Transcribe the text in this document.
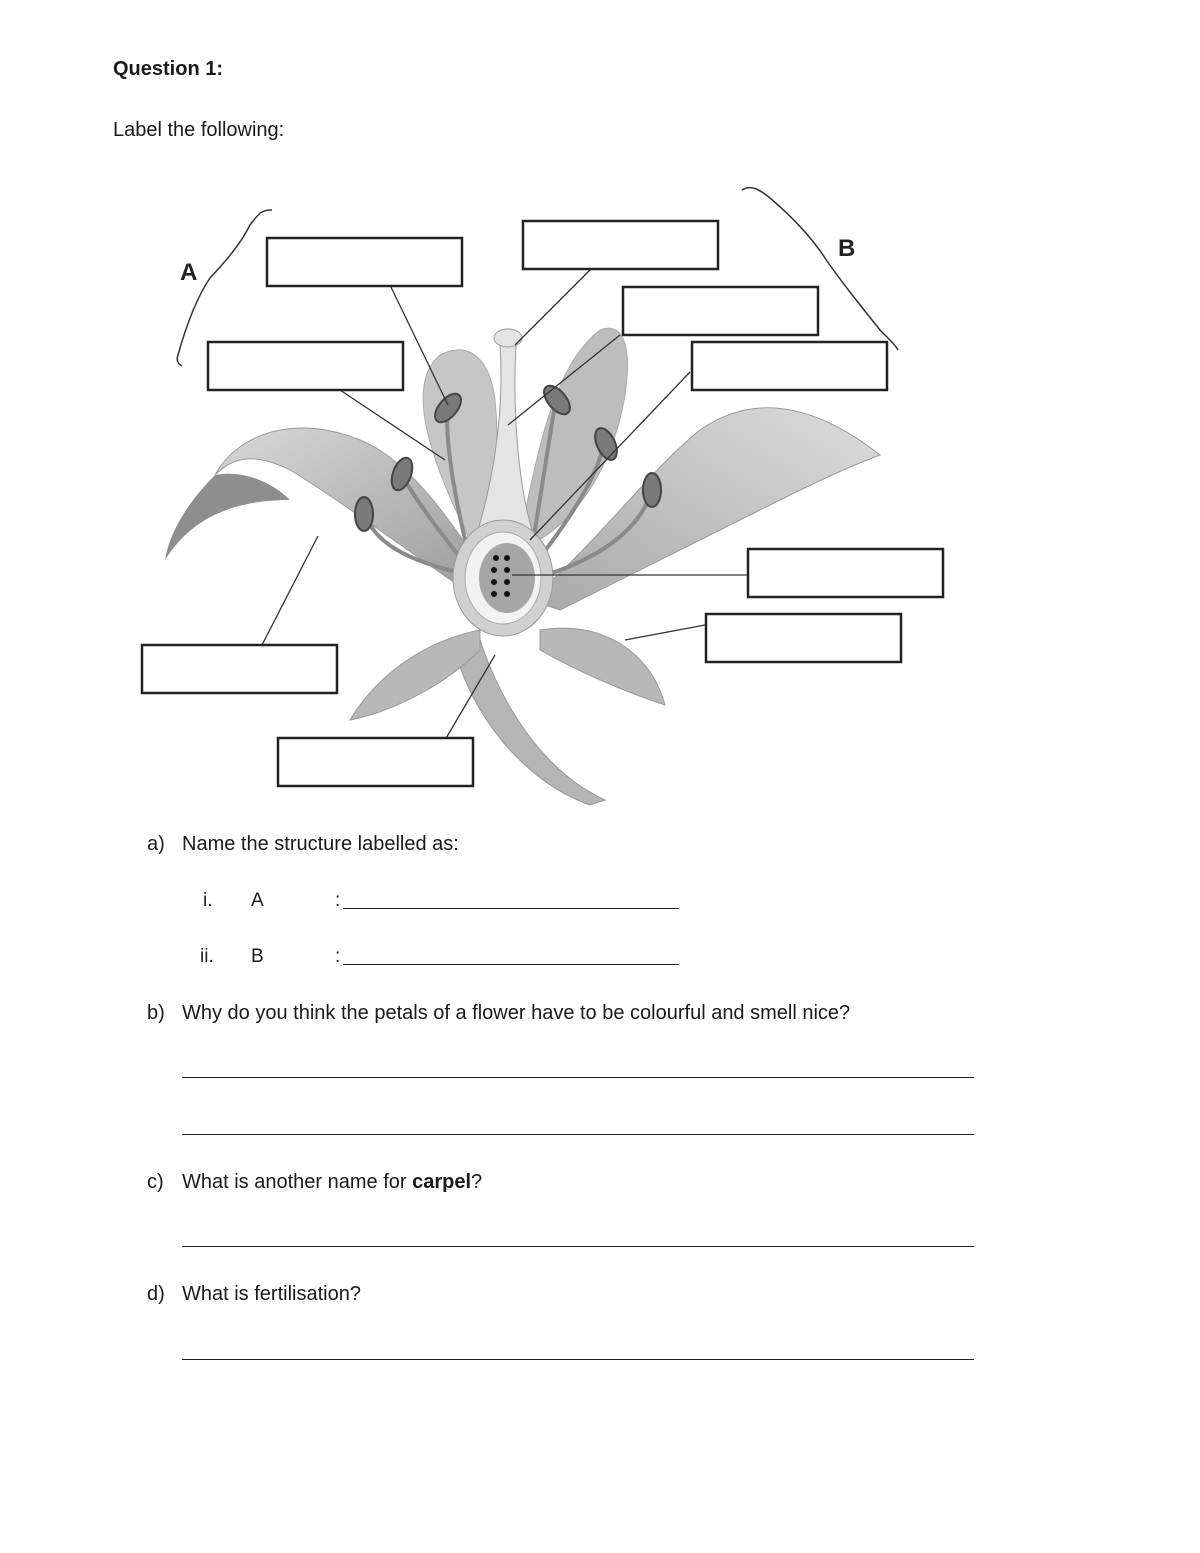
Question 1:
Label the following:
A
B
a) Name the structure labelled as:
i. A	:
ii. B	:
b) Why do you think the petals of a flower have to be colourful and smell nice?
c) What is another name for carpel?
d) What is fertilisation?
